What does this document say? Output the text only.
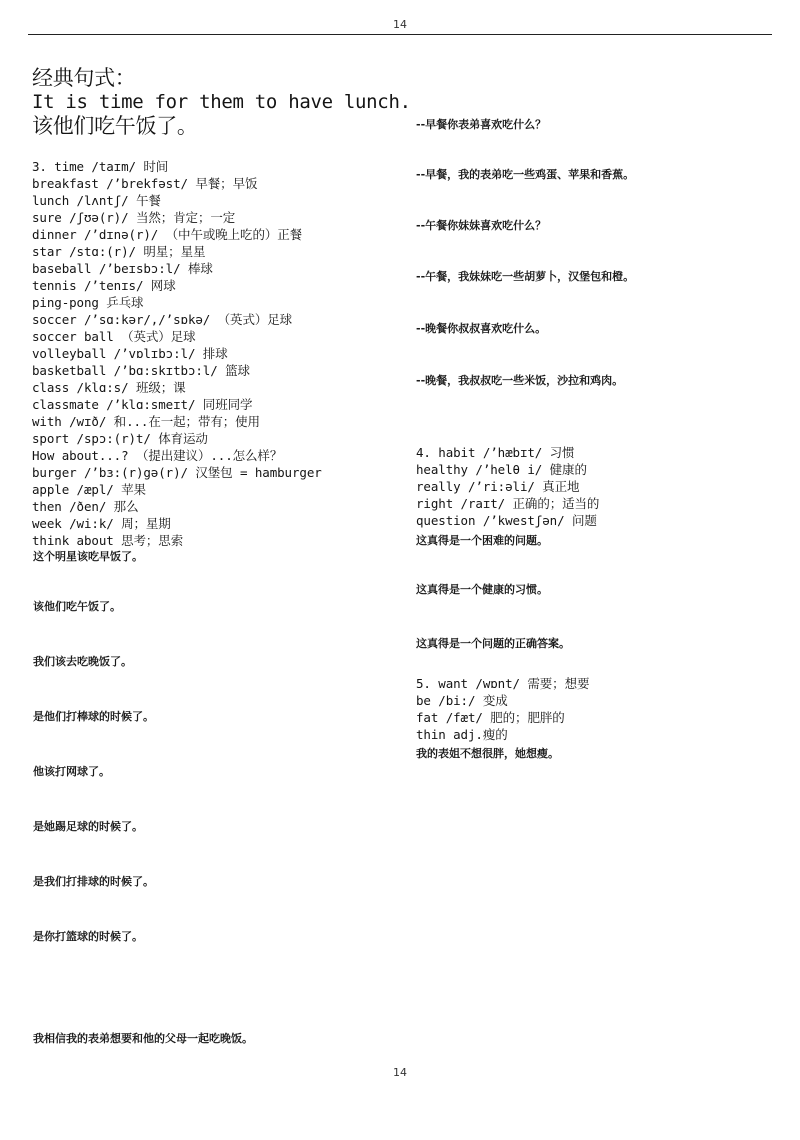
14
经典句式：
It is time for them to have lunch.
该他们吃午饭了。
3. time /taɪm/ 时间
breakfast /’brekfəst/ 早餐；早饭
lunch /lʌntʃ/ 午餐
sure /ʃʊə(r)/ 当然；肯定；一定
dinner /’dɪnə(r)/ （中午或晚上吃的）正餐
star /stɑ:(r)/ 明星；星星
baseball /’beɪsbɔ:l/ 棒球
tennis /’tenɪs/ 网球
ping-pong 乒乓球
soccer /’sɑ:kər/,/’sɒkə/ （英式）足球
soccer ball （英式）足球
volleyball /’vɒlɪbɔ:l/ 排球
basketball /’bɑ:skɪtbɔ:l/ 篮球
class /klɑ:s/ 班级；课
classmate /’klɑ:smeɪt/ 同班同学
with /wɪð/ 和...在一起；带有；使用
sport /spɔ:(r)t/ 体育运动
How about...? （提出建议）...怎么样？
burger /’bɜ:(r)gə(r)/ 汉堡包 = hamburger
apple /æpl/ 苹果
then /ðen/ 那么
week /wi:k/ 周；星期
think about 思考；思索
这个明星该吃早饭了。
该他们吃午饭了。
我们该去吃晚饭了。
是他们打棒球的时候了。
他该打网球了。
是她踢足球的时候了。
是我们打排球的时候了。
是你打篮球的时候了。
我相信我的表弟想要和他的父母一起吃晚饭。
--早餐你表弟喜欢吃什么？
--早餐，我的表弟吃一些鸡蛋、苹果和香蕉。
--午餐你妹妹喜欢吃什么？
--午餐，我妹妹吃一些胡萝卜，汉堡包和橙。
--晚餐你叔叔喜欢吃什么。
--晚餐，我叔叔吃一些米饭，沙拉和鸡肉。
4. habit /’hæbɪt/ 习惯
healthy /’helθ i/ 健康的
really /’ri:əli/ 真正地
right /raɪt/ 正确的；适当的
question /’kwestʃən/ 问题
这真得是一个困难的问题。
这真得是一个健康的习惯。
这真得是一个问题的正确答案。
5. want /wɒnt/ 需要；想要
be /bi:/ 变成
fat /fæt/ 肥的；肥胖的
thin adj.瘦的
我的表姐不想很胖，她想瘦。
14
